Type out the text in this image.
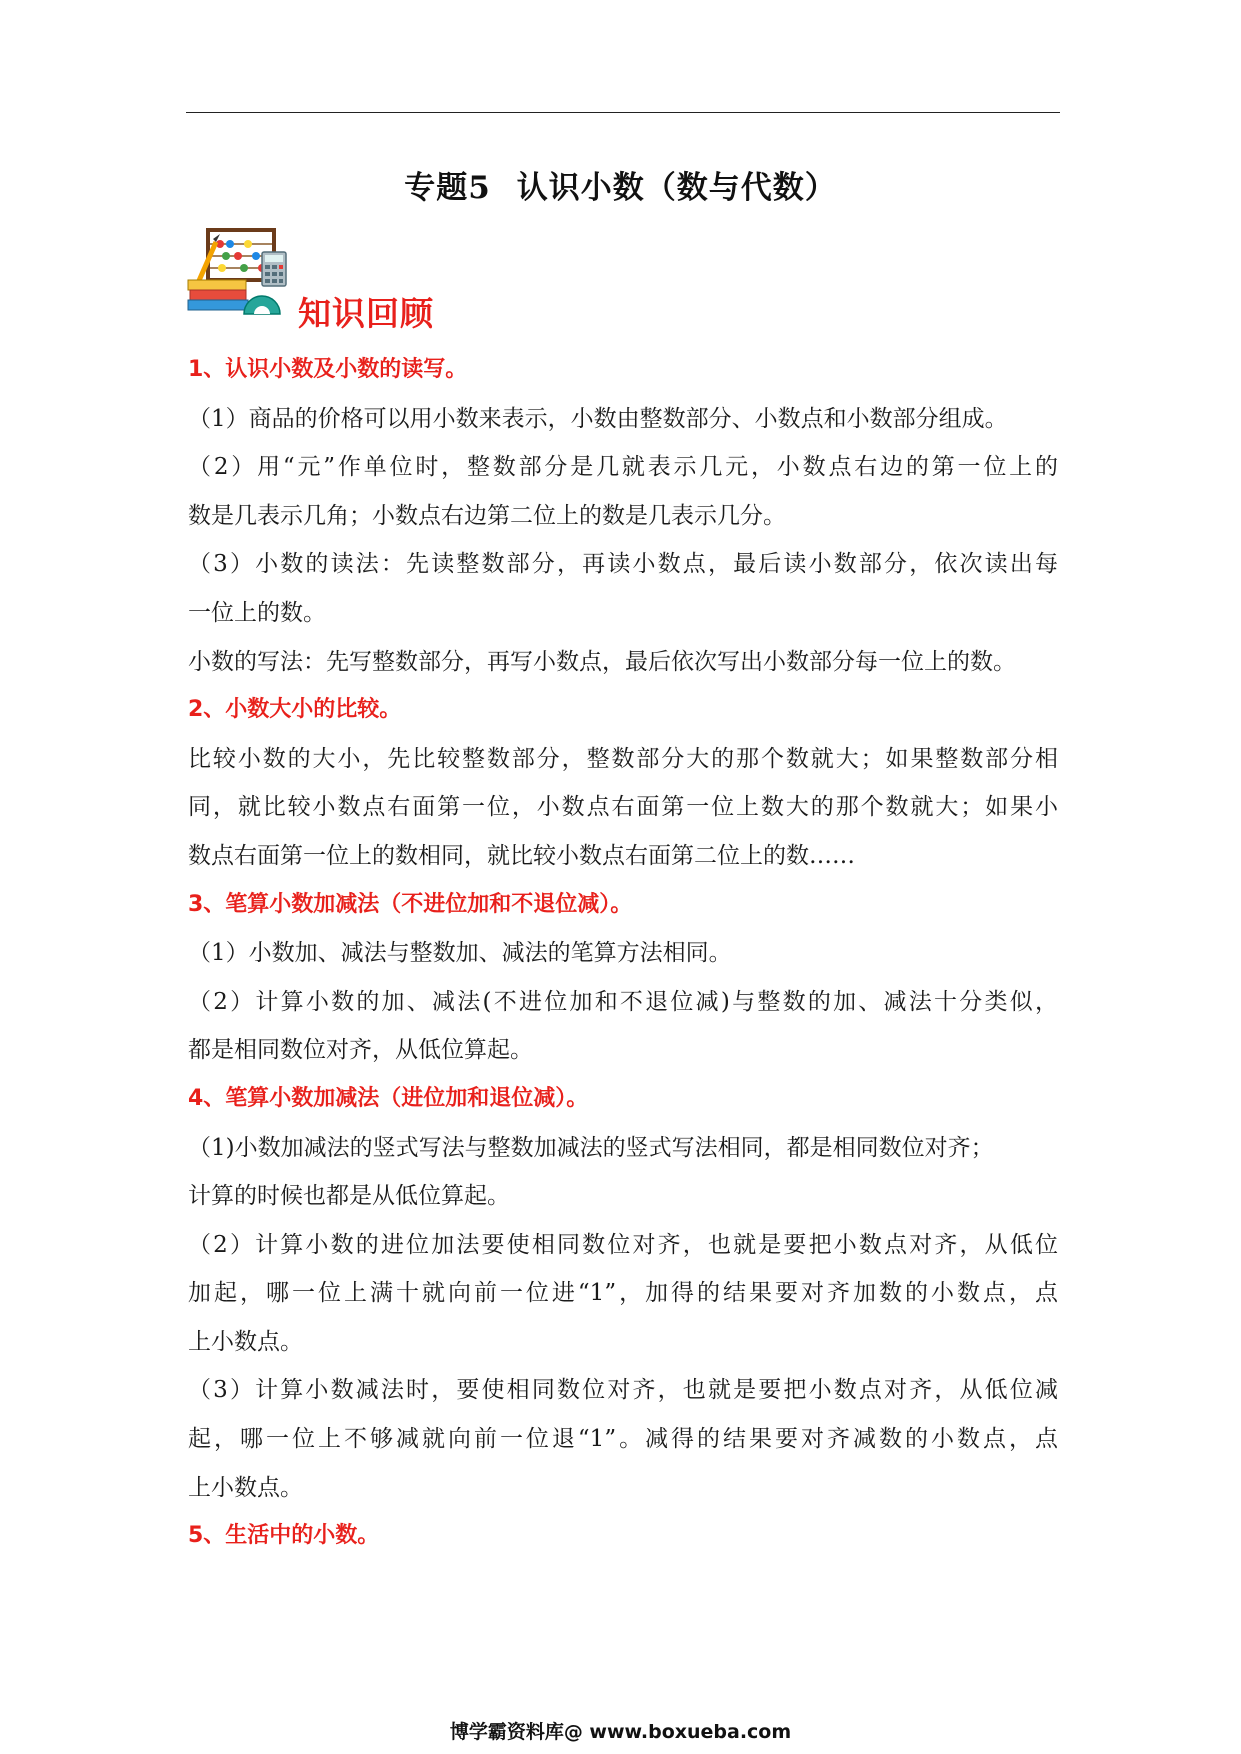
专题5 认识小数（数与代数）
知识回顾
1、认识小数及小数的读写。
（1）商品的价格可以用小数来表示，小数由整数部分、小数点和小数部分组成。
（2）用“元”作单位时，整数部分是几就表示几元，小数点右边的第一位上的
数是几表示几角；小数点右边第二位上的数是几表示几分。
（3）小数的读法：先读整数部分，再读小数点，最后读小数部分，依次读出每
一位上的数。
小数的写法：先写整数部分，再写小数点，最后依次写出小数部分每一位上的数。
2、小数大小的比较。
比较小数的大小，先比较整数部分，整数部分大的那个数就大；如果整数部分相
同，就比较小数点右面第一位，小数点右面第一位上数大的那个数就大；如果小
数点右面第一位上的数相同，就比较小数点右面第二位上的数……
3、笔算小数加减法（不进位加和不退位减）。
（1）小数加、减法与整数加、减法的笔算方法相同。
（2）计算小数的加、减法(不进位加和不退位减)与整数的加、减法十分类似，
都是相同数位对齐，从低位算起。
4、笔算小数加减法（进位加和退位减）。
（1)小数加减法的竖式写法与整数加减法的竖式写法相同，都是相同数位对齐；
计算的时候也都是从低位算起。
（2）计算小数的进位加法要使相同数位对齐，也就是要把小数点对齐，从低位
加起，哪一位上满十就向前一位进“1”，加得的结果要对齐加数的小数点，点
上小数点。
（3）计算小数减法时，要使相同数位对齐，也就是要把小数点对齐，从低位减
起，哪一位上不够减就向前一位退“1”。减得的结果要对齐减数的小数点，点
上小数点。
5、生活中的小数。
博学霸资料库@ www.boxueba.com
